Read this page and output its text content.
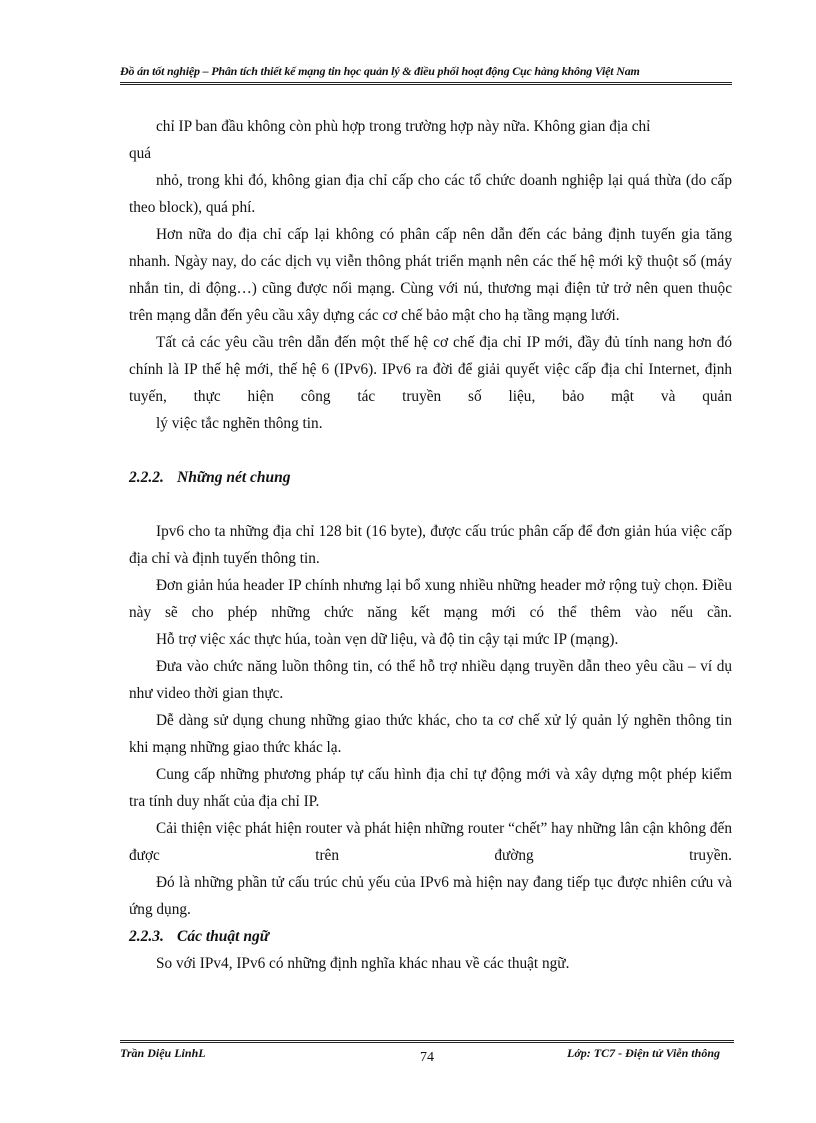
Đồ án tốt nghiệp – Phân tích thiết kế mạng tin học quản lý & điều phối hoạt động Cục hàng không Việt Nam

chỉ IP ban đầu không còn phù hợp trong trường hợp này nữa. Không gian địa chỉ

quá

nhỏ, trong khi đó, không gian địa chỉ cấp cho các tổ chức doanh nghiệp lại quá thừa (do cấp theo block), quá phí.

Hơn nữa do địa chỉ cấp lại không có phân cấp nên dẫn đến các bảng định tuyến gia tăng nhanh. Ngày nay, do các dịch vụ viễn thông phát triển mạnh nên các thế hệ mới kỹ thuột số (máy nhắn tin, di động…) cũng được nối mạng. Cùng với nú, thương mại điện tử trở nên quen thuộc trên mạng dẫn đến yêu cầu xây dựng các cơ chế bảo mật cho hạ tầng mạng lưới.

Tất cả các yêu cầu trên dẫn đến một thế hệ cơ chế địa chỉ IP mới, đầy đủ tính nang hơn đó chính là IP thế hệ mới, thế hệ 6 (IPv6). IPv6 ra đời để giải quyết việc cấp địa chỉ Internet, định tuyến, thực hiện công tác truyền số liệu, bảo mật và quản

lý việc tắc nghẽn thông tin.

2.2.2. Những nét chung

Ipv6 cho ta những địa chỉ 128 bit (16 byte), được cấu trúc phân cấp để đơn giản húa việc cấp địa chỉ và định tuyến thông tin.

Đơn giản húa header IP chính nhưng lại bổ xung nhiều những header mở rộng tuỳ chọn. Điều này sẽ cho phép những chức năng kết mạng mới có thể thêm vào nếu cần.

Hỗ trợ việc xác thực húa, toàn vẹn dữ liệu, và độ tin cậy tại mức IP (mạng).

Đưa vào chức năng luồn thông tin, có thể hỗ trợ nhiều dạng truyền dẫn theo yêu cầu – ví dụ như video thời gian thực.

Dễ dàng sử dụng chung những giao thức khác, cho ta cơ chế xử lý quản lý nghẽn thông tin khi mạng những giao thức khác lạ.

Cung cấp những phương pháp tự cấu hình địa chỉ tự động mới và xây dựng một phép kiểm tra tính duy nhất của địa chỉ IP.

Cải thiện việc phát hiện router và phát hiện những router “chết” hay những lân cận không đến được trên đường truyền.

Đó là những phần tử cấu trúc chủ yếu của IPv6 mà hiện nay đang tiếp tục được nhiên cứu và ứng dụng.

2.2.3. Các thuật ngữ

So với IPv4, IPv6 có những định nghĩa khác nhau về các thuật ngữ.

Trần Diệu LinhL	74	Lớp: TC7 - Điện tử Viễn thông
